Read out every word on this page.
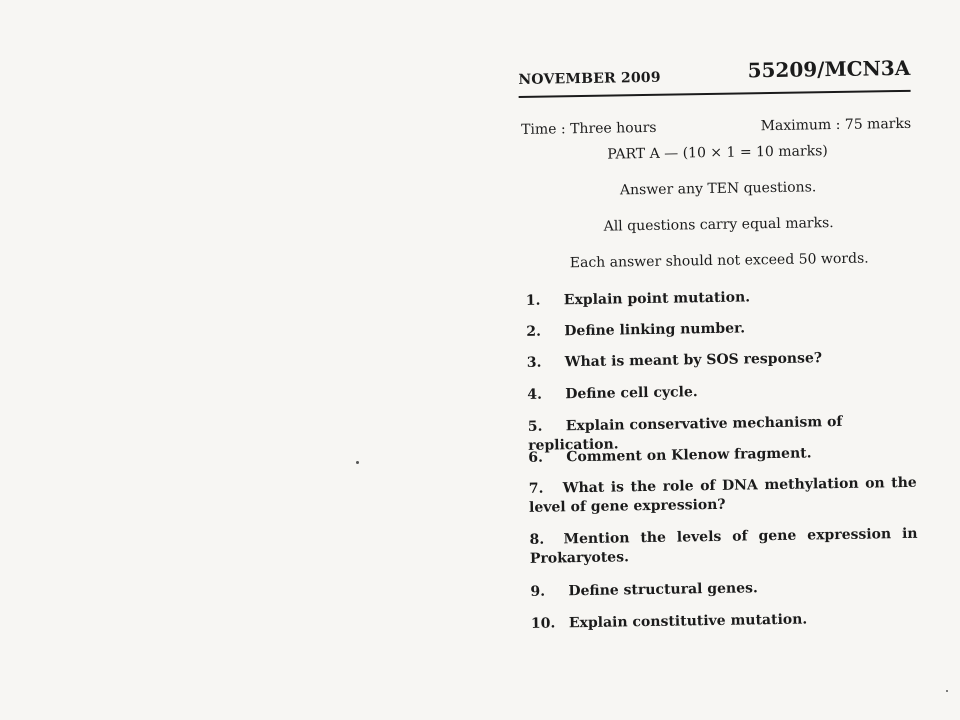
NOVEMBER 2009	55209/MCN3A
Time : Three hours	Maximum : 75 marks
PART A — (10 × 1 = 10 marks)
Answer any TEN questions.
All questions carry equal marks.
Each answer should not exceed 50 words.
1. Explain point mutation.
2. Define linking number.
3. What is meant by SOS response?
4. Define cell cycle.
5. Explain conservative mechanism of replication.
6. Comment on Klenow fragment.
7. What is the role of DNA methylation on the level of gene expression?
8. Mention the levels of gene expression in Prokaryotes.
9. Define structural genes.
10. Explain constitutive mutation.
